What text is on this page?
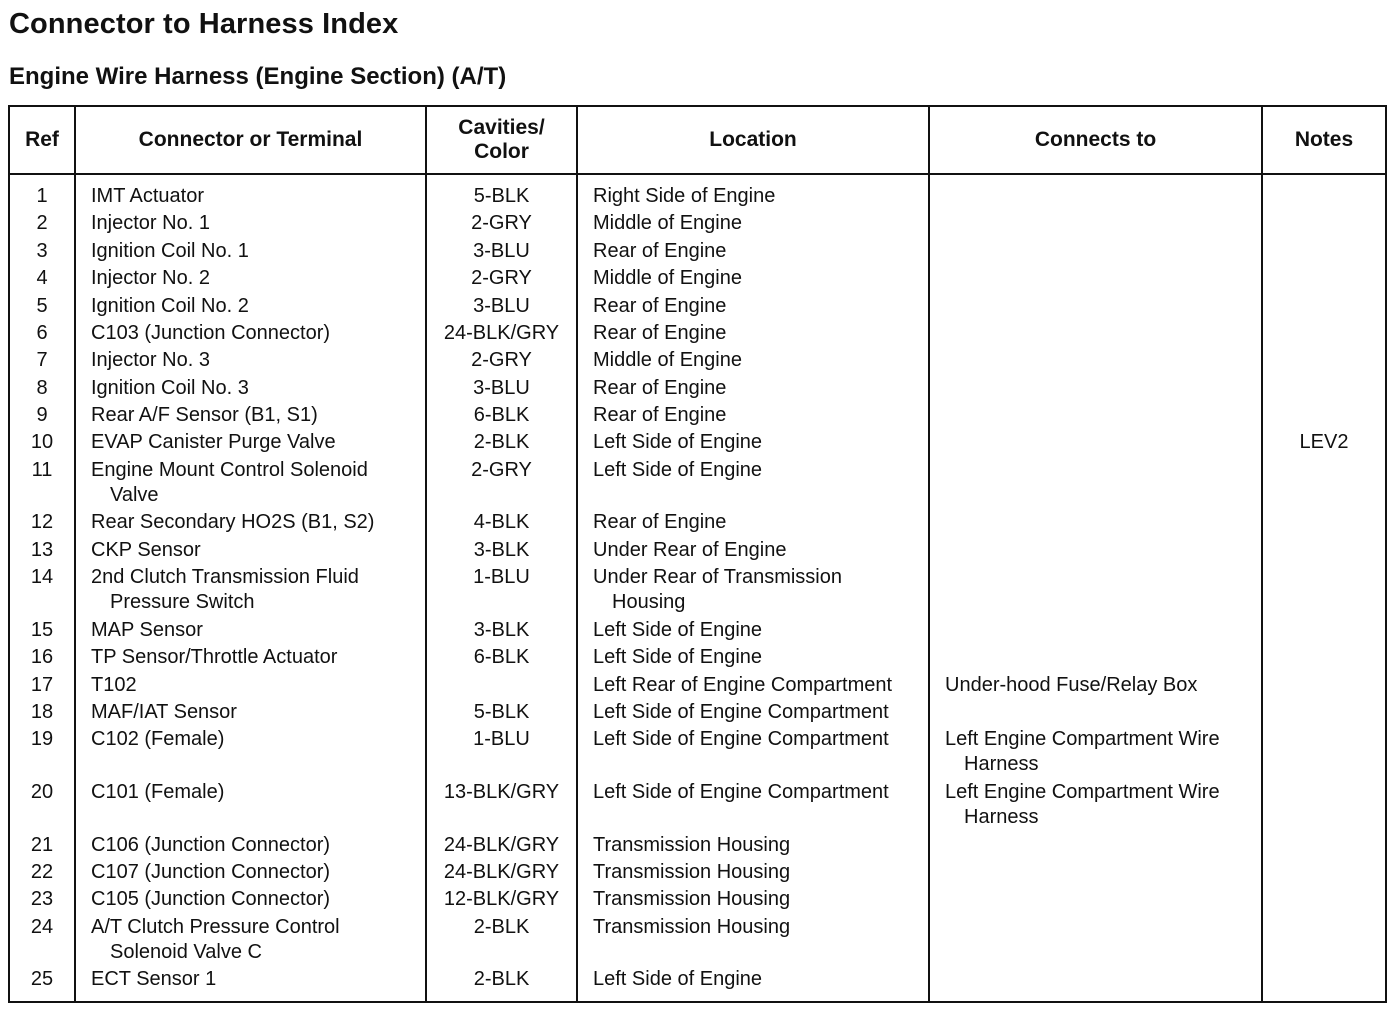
Connector to Harness Index
Engine Wire Harness (Engine Section) (A/T)
Ref	Connector or Terminal	Cavities/
Color	Location	Connects to	Notes
1	IMT Actuator	5-BLK	Right Side of Engine		

2	Injector No. 1	2-GRY	Middle of Engine		

3	Ignition Coil No. 1	3-BLU	Rear of Engine		

4	Injector No. 2	2-GRY	Middle of Engine		

5	Ignition Coil No. 2	3-BLU	Rear of Engine		

6	C103 (Junction Connector)	24-BLK/GRY	Rear of Engine		

7	Injector No. 3	2-GRY	Middle of Engine		

8	Ignition Coil No. 3	3-BLU	Rear of Engine		

9	Rear A/F Sensor (B1, S1)	6-BLK	Rear of Engine		

10	EVAP Canister Purge Valve	2-BLK	Left Side of Engine		LEV2
11	Engine Mount Control Solenoid
Valve	2-GRY	Left Side of Engine		

12	Rear Secondary HO2S (B1, S2)	4-BLK	Rear of Engine		

13	CKP Sensor	3-BLK	Under Rear of Engine		

14	2nd Clutch Transmission Fluid
Pressure Switch	1-BLU	Under Rear of Transmission
Housing		

15	MAP Sensor	3-BLK	Left Side of Engine		

16	TP Sensor/Throttle Actuator	6-BLK	Left Side of Engine		

17	T102		Left Rear of Engine Compartment	Under-hood Fuse/Relay Box	

18	MAF/IAT Sensor	5-BLK	Left Side of Engine Compartment		

19	C102 (Female)	1-BLU	Left Side of Engine Compartment	Left Engine Compartment Wire
Harness	

20	C101 (Female)	13-BLK/GRY	Left Side of Engine Compartment	Left Engine Compartment Wire
Harness	

21	C106 (Junction Connector)	24-BLK/GRY	Transmission Housing		

22	C107 (Junction Connector)	24-BLK/GRY	Transmission Housing		

23	C105 (Junction Connector)	12-BLK/GRY	Transmission Housing		

24	A/T Clutch Pressure Control
Solenoid Valve C	2-BLK	Transmission Housing		

25	ECT Sensor 1	2-BLK	Left Side of Engine		
